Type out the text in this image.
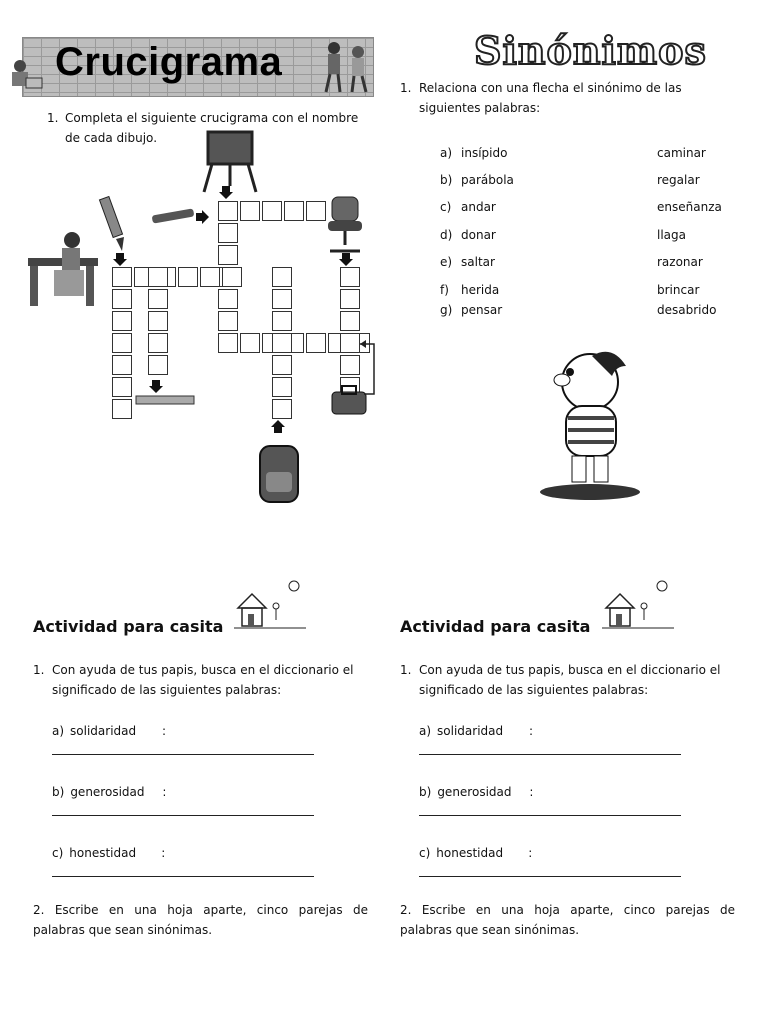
Crucigrama
1. Completa el siguiente crucigrama con el nombre de cada dibujo.
Sinónimos
1. Relaciona con una flecha el sinónimo de las siguientes palabras:
a) insípido	caminar
b) parábola	regalar
c) andar	enseñanza
d) donar	llaga
e) saltar	razonar
f) herida	brincar
g) pensar	desabrido
Actividad para casita
1. Con ayuda de tus papis, busca en el diccionario el significado de las siguientes palabras:
a) solidaridad :
b) generosidad :
c) honestidad :
2. Escribe en una hoja aparte, cinco parejas de palabras que sean sinónimas.
Actividad para casita
1. Con ayuda de tus papis, busca en el diccionario el significado de las siguientes palabras:
a) solidaridad :
b) generosidad :
c) honestidad :
2. Escribe en una hoja aparte, cinco parejas de palabras que sean sinónimas.
